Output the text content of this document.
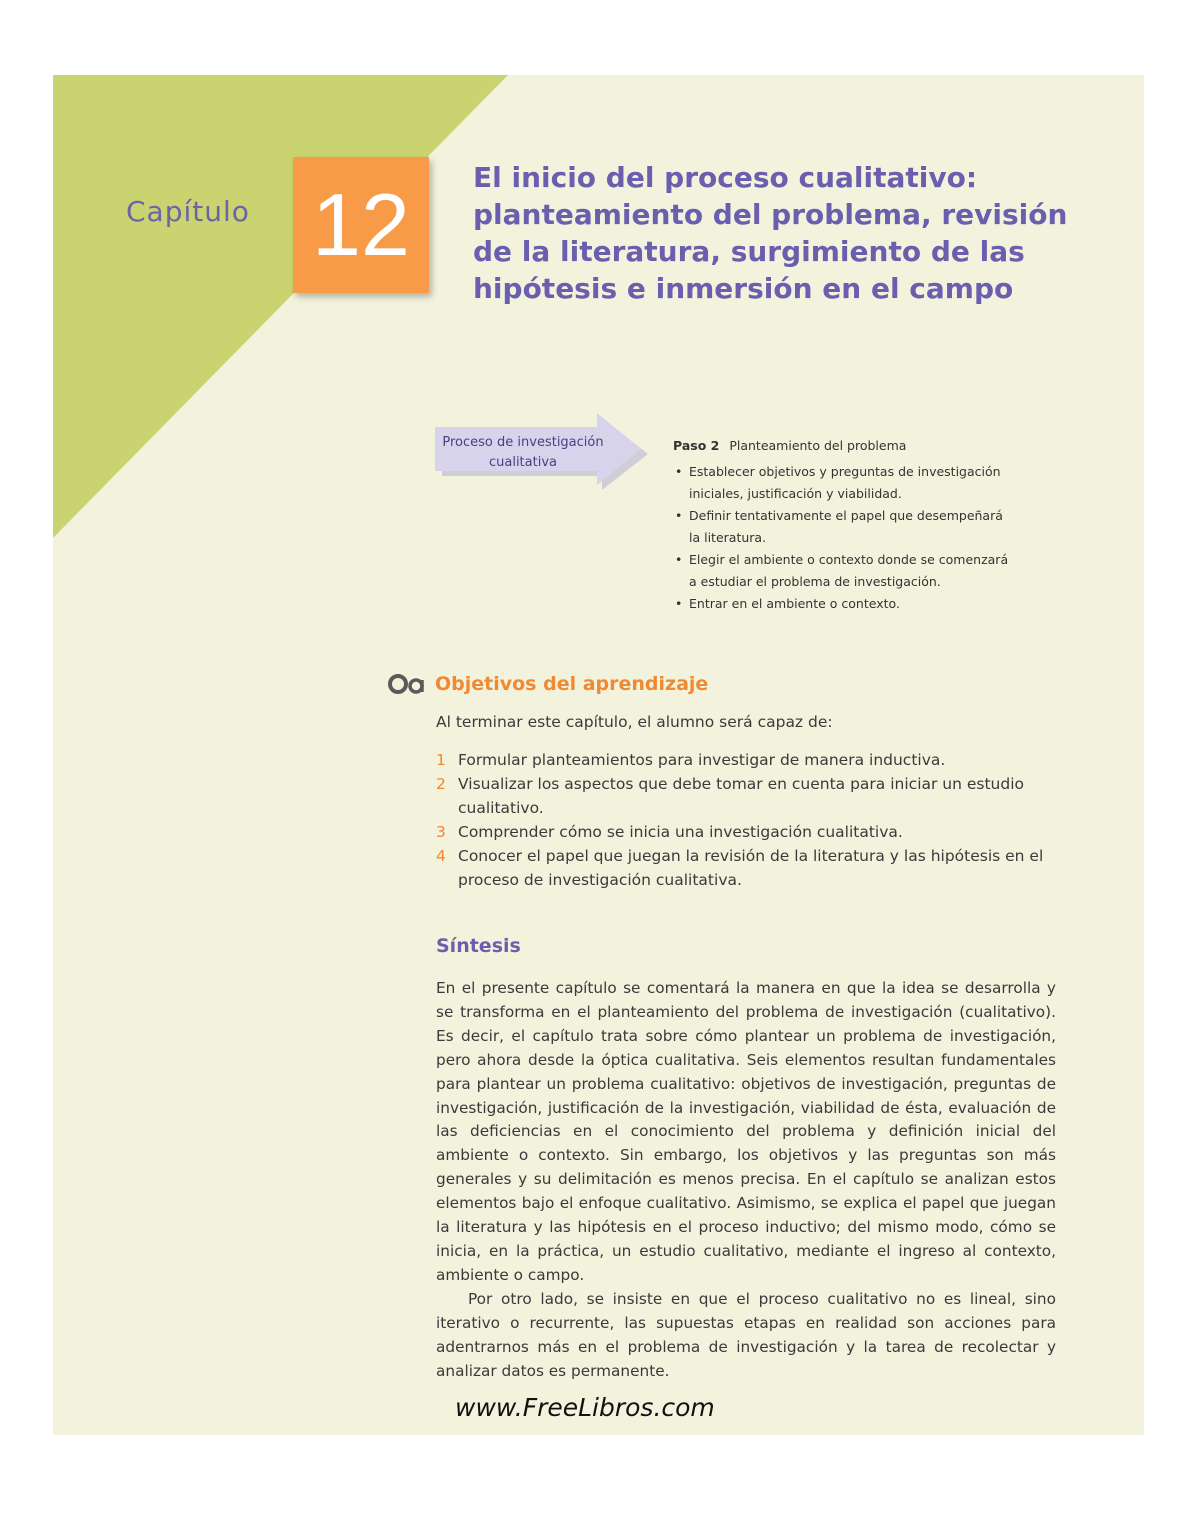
Capítulo 12	El inicio del proceso cualitativo: planteamiento del problema, revisión de la literatura, surgimiento de las hipótesis e inmersión en el campo
Proceso de investigación cualitativa
Paso 2 Planteamiento del problema
• Establecer objetivos y preguntas de investigación iniciales, justificación y viabilidad.
• Definir tentativamente el papel que desempeñará la literatura.
• Elegir el ambiente o contexto donde se comenzará a estudiar el problema de investigación.
• Entrar en el ambiente o contexto.
Objetivos del aprendizaje
Al terminar este capítulo, el alumno será capaz de:
1 Formular planteamientos para investigar de manera inductiva.
2 Visualizar los aspectos que debe tomar en cuenta para iniciar un estudio cualitativo.
3 Comprender cómo se inicia una investigación cualitativa.
4 Conocer el papel que juegan la revisión de la literatura y las hipótesis en el proceso de investigación cualitativa.
Síntesis

En el presente capítulo se comentará la manera en que la idea se desarrolla y se transforma en el planteamiento del problema de investigación (cualitativo). Es decir, el capítulo trata sobre cómo plantear un problema de investigación, pero ahora desde la óptica cualitativa. Seis elementos resultan fundamentales para plantear un problema cualitativo: objetivos de investigación, preguntas de investigación, justificación de la investigación, viabilidad de ésta, evaluación de las deficiencias en el conocimiento del problema y definición inicial del ambiente o contexto. Sin embargo, los objetivos y las preguntas son más generales y su delimitación es menos precisa. En el capítulo se analizan estos elementos bajo el enfoque cualitativo. Asimismo, se explica el papel que juegan la literatura y las hipótesis en el proceso inductivo; del mismo modo, cómo se inicia, en la práctica, un estudio cualitativo, mediante el ingreso al contexto, ambiente o campo.

Por otro lado, se insiste en que el proceso cualitativo no es lineal, sino iterativo o recurrente, las supuestas etapas en realidad son acciones para adentrarnos más en el problema de investigación y la tarea de recolectar y analizar datos es permanente.

www.FreeLibros.com
